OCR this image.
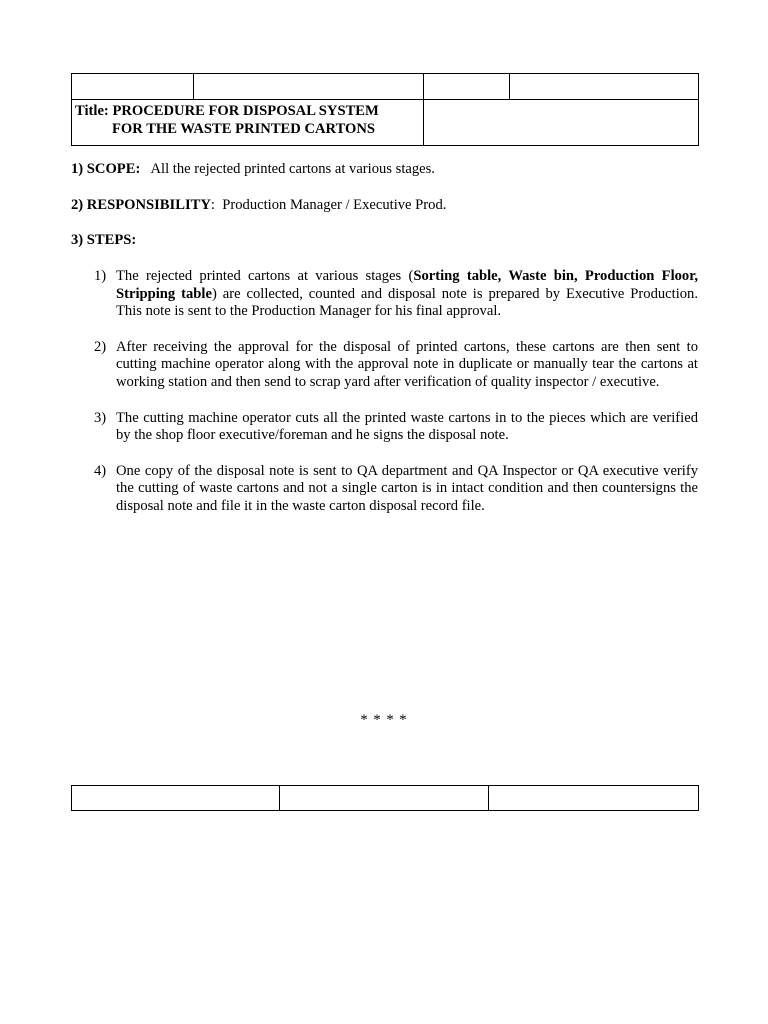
Title: PROCEDURE FOR DISPOSAL SYSTEM
FOR THE WASTE PRINTED CARTONS			

1) SCOPE: All the rejected printed cartons at various stages.
2) RESPONSIBILITY: Production Manager / Executive Prod.
3) STEPS:
1) The rejected printed cartons at various stages (Sorting table, Waste bin, Production Floor, Stripping table) are collected, counted and disposal note is prepared by Executive Production. This note is sent to the Production Manager for his final approval.
2) After receiving the approval for the disposal of printed cartons, these cartons are then sent to cutting machine operator along with the approval note in duplicate or manually tear the cartons at working station and then send to scrap yard after verification of quality inspector / executive.
3) The cutting machine operator cuts all the printed waste cartons in to the pieces which are verified by the shop floor executive/foreman and he signs the disposal note.
4) One copy of the disposal note is sent to QA department and QA Inspector or QA executive verify the cutting of waste cartons and not a single carton is in intact condition and then countersigns the disposal note and file it in the waste carton disposal record file.
* * * *
